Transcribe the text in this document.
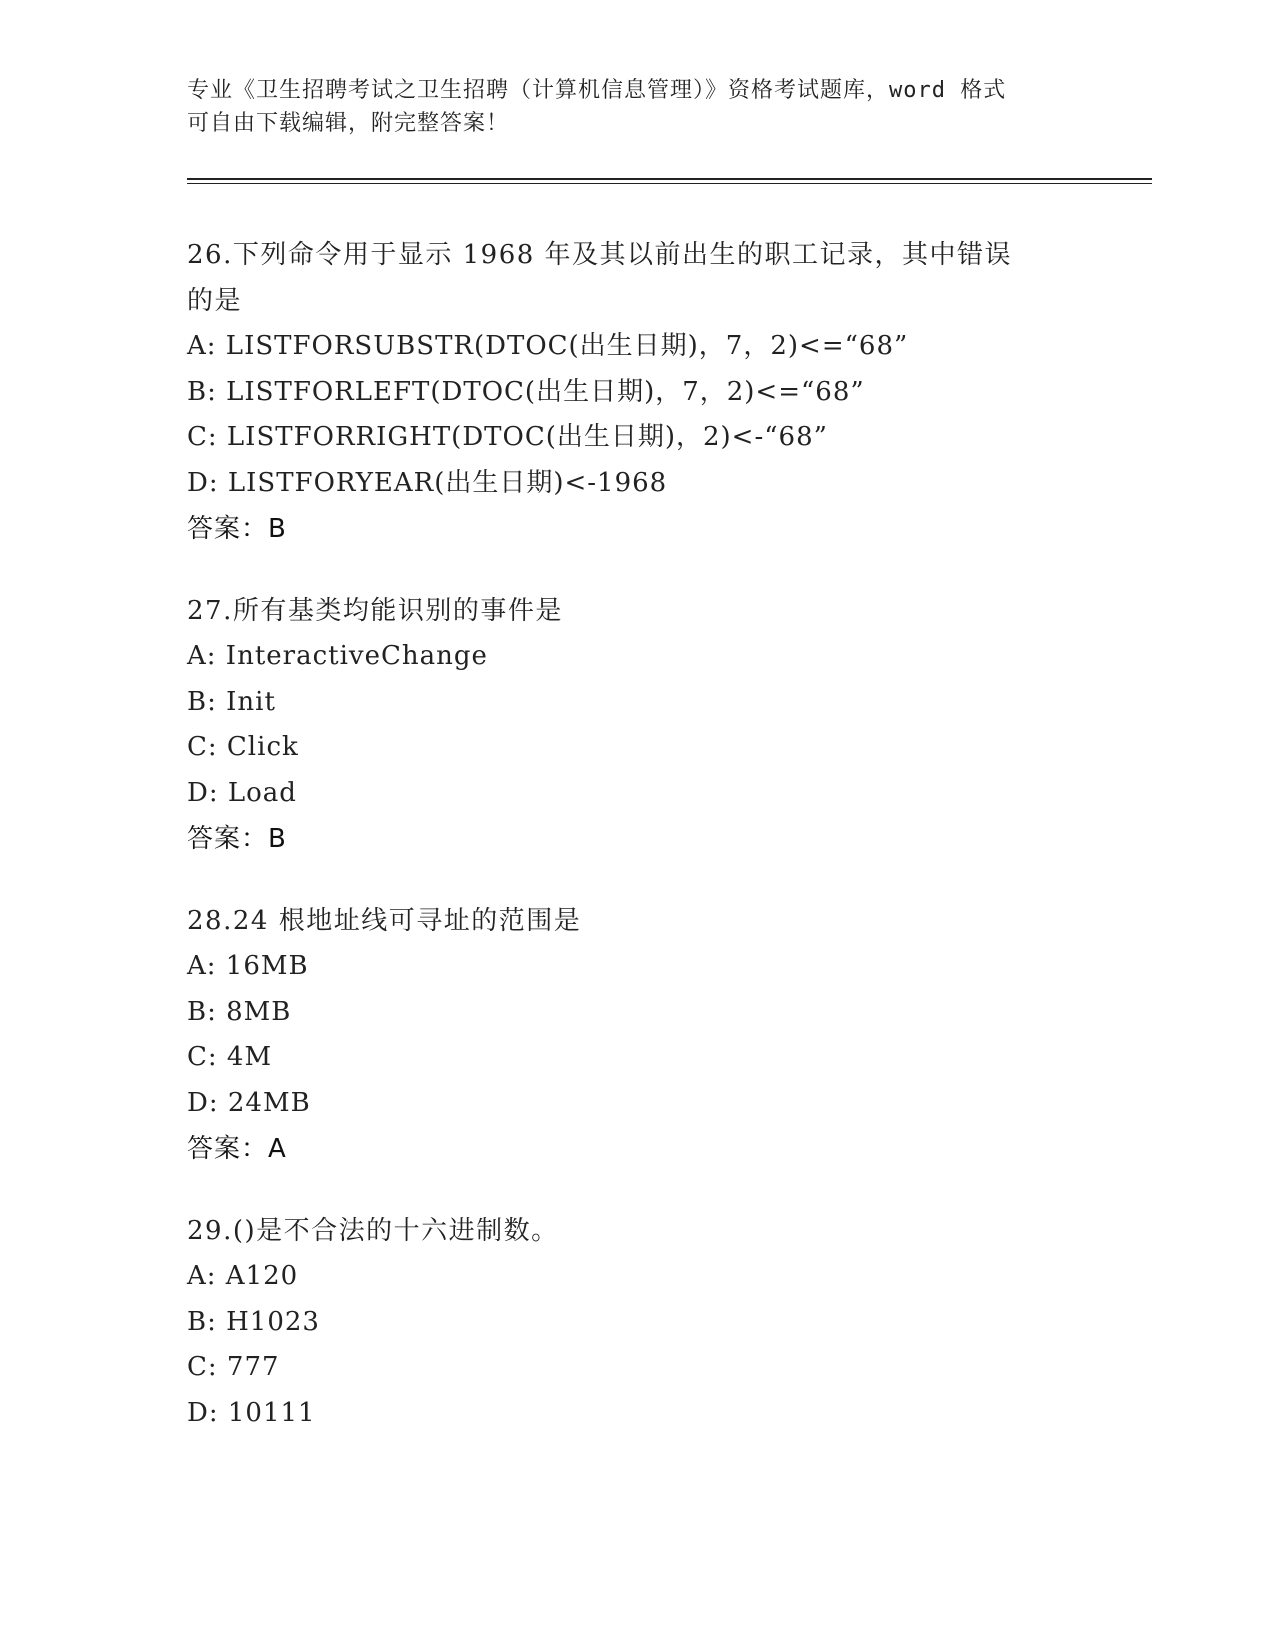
专业《卫生招聘考试之卫生招聘（计算机信息管理）》资格考试题库，word 格式
可自由下载编辑，附完整答案！
26.下列命令用于显示 1968 年及其以前出生的职工记录，其中错误的是
A: LISTFORSUBSTR(DTOC(出生日期)，7，2)<=“68”
B: LISTFORLEFT(DTOC(出生日期)，7，2)<=“68”
C: LISTFORRIGHT(DTOC(出生日期)，2)<-“68”
D: LISTFORYEAR(出生日期)<-1968
答案：B
27.所有基类均能识别的事件是
A: InteractiveChange
B: Init
C: Click
D: Load
答案：B
28.24 根地址线可寻址的范围是
A: 16MB
B: 8MB
C: 4M
D: 24MB
答案：A
29.()是不合法的十六进制数。
A: A120
B: H1023
C: 777
D: 10111
